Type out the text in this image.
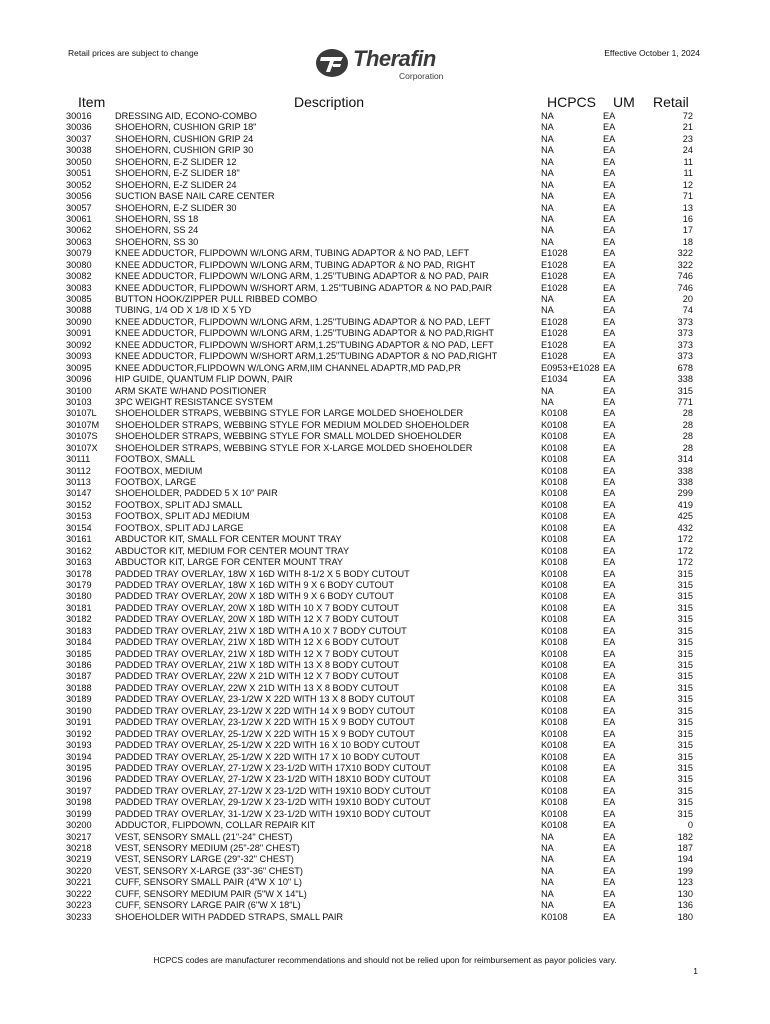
Retail prices are subject to change	Effective October 1, 2024
Therafin
Corporation
Item	Description	HCPCS UM Retail
30016	DRESSING AID, ECONO-COMBO	NA	EA	72
30036	SHOEHORN, CUSHION GRIP 18"	NA	EA	21
30037	SHOEHORN, CUSHION GRIP 24	NA	EA	23
30038	SHOEHORN, CUSHION GRIP 30	NA	EA	24
30050	SHOEHORN, E-Z SLIDER 12	NA	EA	11
30051	SHOEHORN, E-Z SLIDER 18"	NA	EA	11
30052	SHOEHORN, E-Z SLIDER 24	NA	EA	12
30056	SUCTION BASE NAIL CARE CENTER	NA	EA	71
30057	SHOEHORN, E-Z SLIDER 30	NA	EA	13
30061	SHOEHORN, SS 18	NA	EA	16
30062	SHOEHORN, SS 24	NA	EA	17
30063	SHOEHORN, SS 30	NA	EA	18
30079	KNEE ADDUCTOR, FLIPDOWN W/LONG ARM, TUBING ADAPTOR & NO PAD, LEFT	E1028	EA	322
30080	KNEE ADDUCTOR, FLIPDOWN W/LONG ARM, TUBING ADAPTOR & NO PAD, RIGHT	E1028	EA	322
30082	KNEE ADDUCTOR, FLIPDOWN W/LONG ARM, 1.25"TUBING ADAPTOR & NO PAD, PAIR	E1028	EA	746
30083	KNEE ADDUCTOR, FLIPDOWN W/SHORT ARM, 1.25"TUBING ADAPTOR & NO PAD,PAIR	E1028	EA	746
30085	BUTTON HOOK/ZIPPER PULL RIBBED COMBO	NA	EA	20
30088	TUBING, 1/4 OD X 1/8 ID X 5 YD	NA	EA	74
30090	KNEE ADDUCTOR, FLIPDOWN W/LONG ARM, 1.25"TUBING ADAPTOR & NO PAD, LEFT	E1028	EA	373
30091	KNEE ADDUCTOR, FLIPDOWN W/LONG ARM, 1.25"TUBING ADAPTOR & NO PAD,RIGHT	E1028	EA	373
30092	KNEE ADDUCTOR, FLIPDOWN W/SHORT ARM,1.25"TUBING ADAPTOR & NO PAD, LEFT	E1028	EA	373
30093	KNEE ADDUCTOR, FLIPDOWN W/SHORT ARM,1.25"TUBING ADAPTOR & NO PAD,RIGHT	E1028	EA	373
30095	KNEE ADDUCTOR,FLIPDOWN W/LONG ARM,IIM CHANNEL ADAPTR,MD PAD,PR	E0953+E1028 EA	678
30096	HIP GUIDE, QUANTUM FLIP DOWN, PAIR	E1034	EA	338
30100	ARM SKATE W/HAND POSITIONER	NA	EA	315
30103	3PC WEIGHT RESISTANCE SYSTEM	NA	EA	771
30107L SHOEHOLDER STRAPS, WEBBING STYLE FOR LARGE MOLDED SHOEHOLDER	K0108	EA	28
30107M SHOEHOLDER STRAPS, WEBBING STYLE FOR MEDIUM MOLDED SHOEHOLDER	K0108	EA	28
30107S SHOEHOLDER STRAPS, WEBBING STYLE FOR SMALL MOLDED SHOEHOLDER	K0108	EA	28
30107X SHOEHOLDER STRAPS, WEBBING STYLE FOR X-LARGE MOLDED SHOEHOLDER	K0108	EA	28
30111	FOOTBOX, SMALL	K0108	EA	314
30112	FOOTBOX, MEDIUM	K0108	EA	338
30113	FOOTBOX, LARGE	K0108	EA	338
30147	SHOEHOLDER, PADDED 5 X 10" PAIR	K0108	EA	299
30152	FOOTBOX, SPLIT ADJ SMALL	K0108	EA	419
30153	FOOTBOX, SPLIT ADJ MEDIUM	K0108	EA	425
30154	FOOTBOX, SPLIT ADJ LARGE	K0108	EA	432
30161	ABDUCTOR KIT, SMALL FOR CENTER MOUNT TRAY	K0108	EA	172
30162	ABDUCTOR KIT, MEDIUM FOR CENTER MOUNT TRAY	K0108	EA	172
30163	ABDUCTOR KIT, LARGE FOR CENTER MOUNT TRAY	K0108	EA	172
30178	PADDED TRAY OVERLAY, 18W X 16D WITH 8-1/2 X 5 BODY CUTOUT	K0108	EA	315
30179	PADDED TRAY OVERLAY, 18W X 16D WITH 9 X 6 BODY CUTOUT	K0108	EA	315
30180	PADDED TRAY OVERLAY, 20W X 18D WITH 9 X 6 BODY CUTOUT	K0108	EA	315
30181	PADDED TRAY OVERLAY, 20W X 18D WITH 10 X 7 BODY CUTOUT	K0108	EA	315
30182	PADDED TRAY OVERLAY, 20W X 18D WITH 12 X 7 BODY CUTOUT	K0108	EA	315
30183	PADDED TRAY OVERLAY, 21W X 18D WITH A 10 X 7 BODY CUTOUT	K0108	EA	315
30184	PADDED TRAY OVERLAY, 21W X 18D WITH 12 X 6 BODY CUTOUT	K0108	EA	315
30185	PADDED TRAY OVERLAY, 21W X 18D WITH 12 X 7 BODY CUTOUT	K0108	EA	315
30186	PADDED TRAY OVERLAY, 21W X 18D WITH 13 X 8 BODY CUTOUT	K0108	EA	315
30187	PADDED TRAY OVERLAY, 22W X 21D WITH 12 X 7 BODY CUTOUT	K0108	EA	315
30188	PADDED TRAY OVERLAY, 22W X 21D WITH 13 X 8 BODY CUTOUT	K0108	EA	315
30189	PADDED TRAY OVERLAY, 23-1/2W X 22D WITH 13 X 8 BODY CUTOUT	K0108	EA	315
30190	PADDED TRAY OVERLAY, 23-1/2W X 22D WITH 14 X 9 BODY CUTOUT	K0108	EA	315
30191	PADDED TRAY OVERLAY, 23-1/2W X 22D WITH 15 X 9 BODY CUTOUT	K0108	EA	315
30192	PADDED TRAY OVERLAY, 25-1/2W X 22D WITH 15 X 9 BODY CUTOUT	K0108	EA	315
30193	PADDED TRAY OVERLAY, 25-1/2W X 22D WITH 16 X 10 BODY CUTOUT	K0108	EA	315
30194	PADDED TRAY OVERLAY, 25-1/2W X 22D WITH 17 X 10 BODY CUTOUT	K0108	EA	315
30195	PADDED TRAY OVERLAY, 27-1/2W X 23-1/2D WITH 17X10 BODY CUTOUT	K0108	EA	315
30196	PADDED TRAY OVERLAY, 27-1/2W X 23-1/2D WITH 18X10 BODY CUTOUT	K0108	EA	315
30197	PADDED TRAY OVERLAY, 27-1/2W X 23-1/2D WITH 19X10 BODY CUTOUT	K0108	EA	315
30198	PADDED TRAY OVERLAY, 29-1/2W X 23-1/2D WITH 19X10 BODY CUTOUT	K0108	EA	315
30199	PADDED TRAY OVERLAY, 31-1/2W X 23-1/2D WITH 19X10 BODY CUTOUT	K0108	EA	315
30200	ADDUCTOR, FLIPDOWN, COLLAR REPAIR KIT	K0108	EA	0
30217	VEST, SENSORY SMALL (21"-24" CHEST)	NA	EA	182
30218	VEST, SENSORY MEDIUM (25"-28" CHEST)	NA	EA	187
30219	VEST, SENSORY LARGE (29"-32" CHEST)	NA	EA	194
30220	VEST, SENSORY X-LARGE (33"-36" CHEST)	NA	EA	199
30221	CUFF, SENSORY SMALL PAIR (4"W X 10" L)	NA	EA	123
30222	CUFF, SENSORY MEDIUM PAIR (5"W X 14"L)	NA	EA	130
30223	CUFF, SENSORY LARGE PAIR (6"W X 18"L)	NA	EA	136
30233	SHOEHOLDER WITH PADDED STRAPS, SMALL PAIR	K0108	EA	180
HCPCS codes are manufacturer recommendations and should not be relied upon for reimbursement as payor policies vary.
1
